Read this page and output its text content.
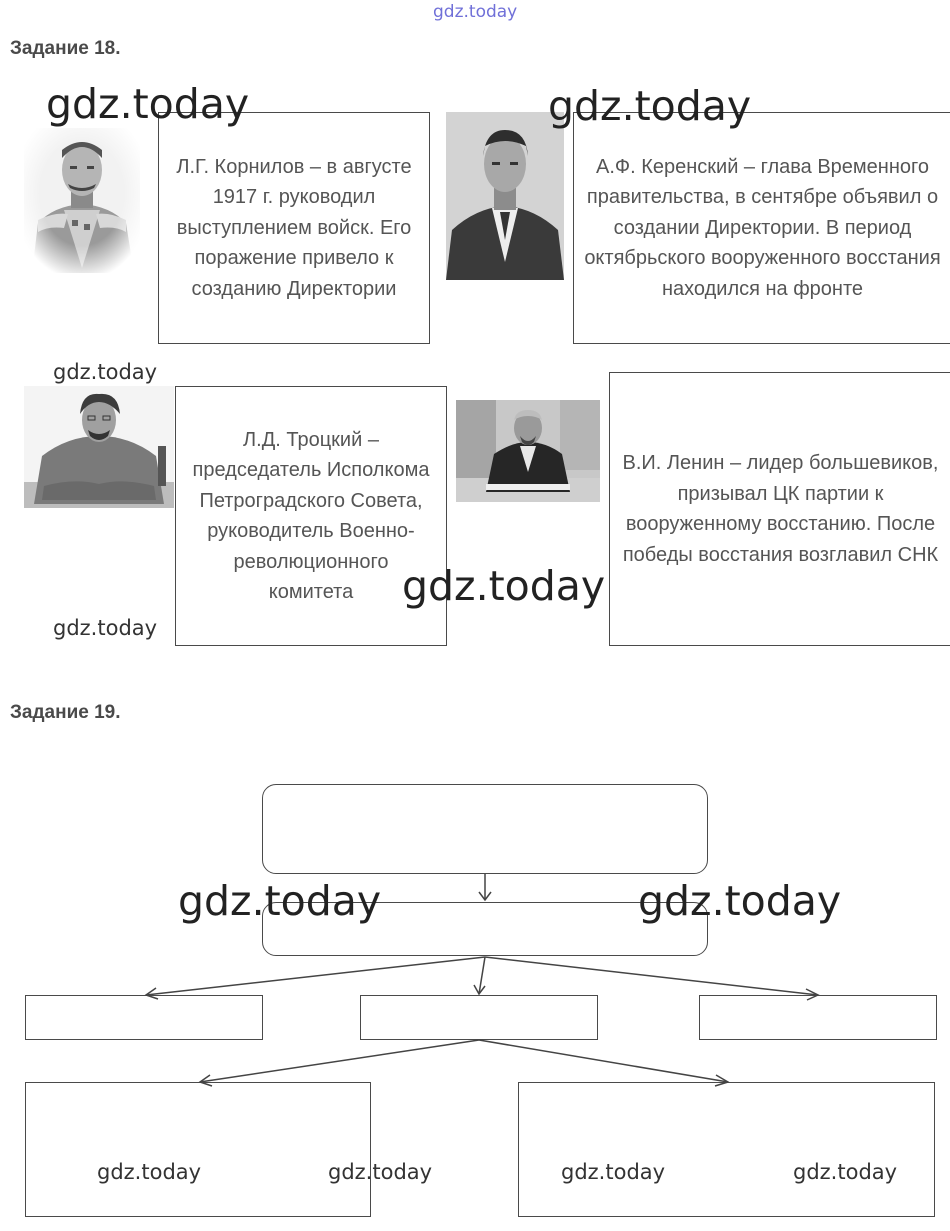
gdz.today
Задание 18.
Л.Г. Корнилов – в августе 1917 г. руководил выступлением войск. Его поражение привело к созданию Директории
А.Ф. Керенский – глава Временного правительства, в сентябре объявил о создании Директории. В период октябрьского вооруженного восстания находился на фронте
Л.Д. Троцкий – председатель Исполкома Петроградского Совета, руководитель Военно-революционного комитета
В.И. Ленин – лидер большевиков, призывал ЦК партии к вооруженному восстанию. После победы восстания возглавил СНК
Задание 19.
gdz.today	gdz.today
gdz.today
gdz.today
gdz.today
gdz.today	gdz.today
gdz.today	gdz.today	gdz.today	gdz.today
